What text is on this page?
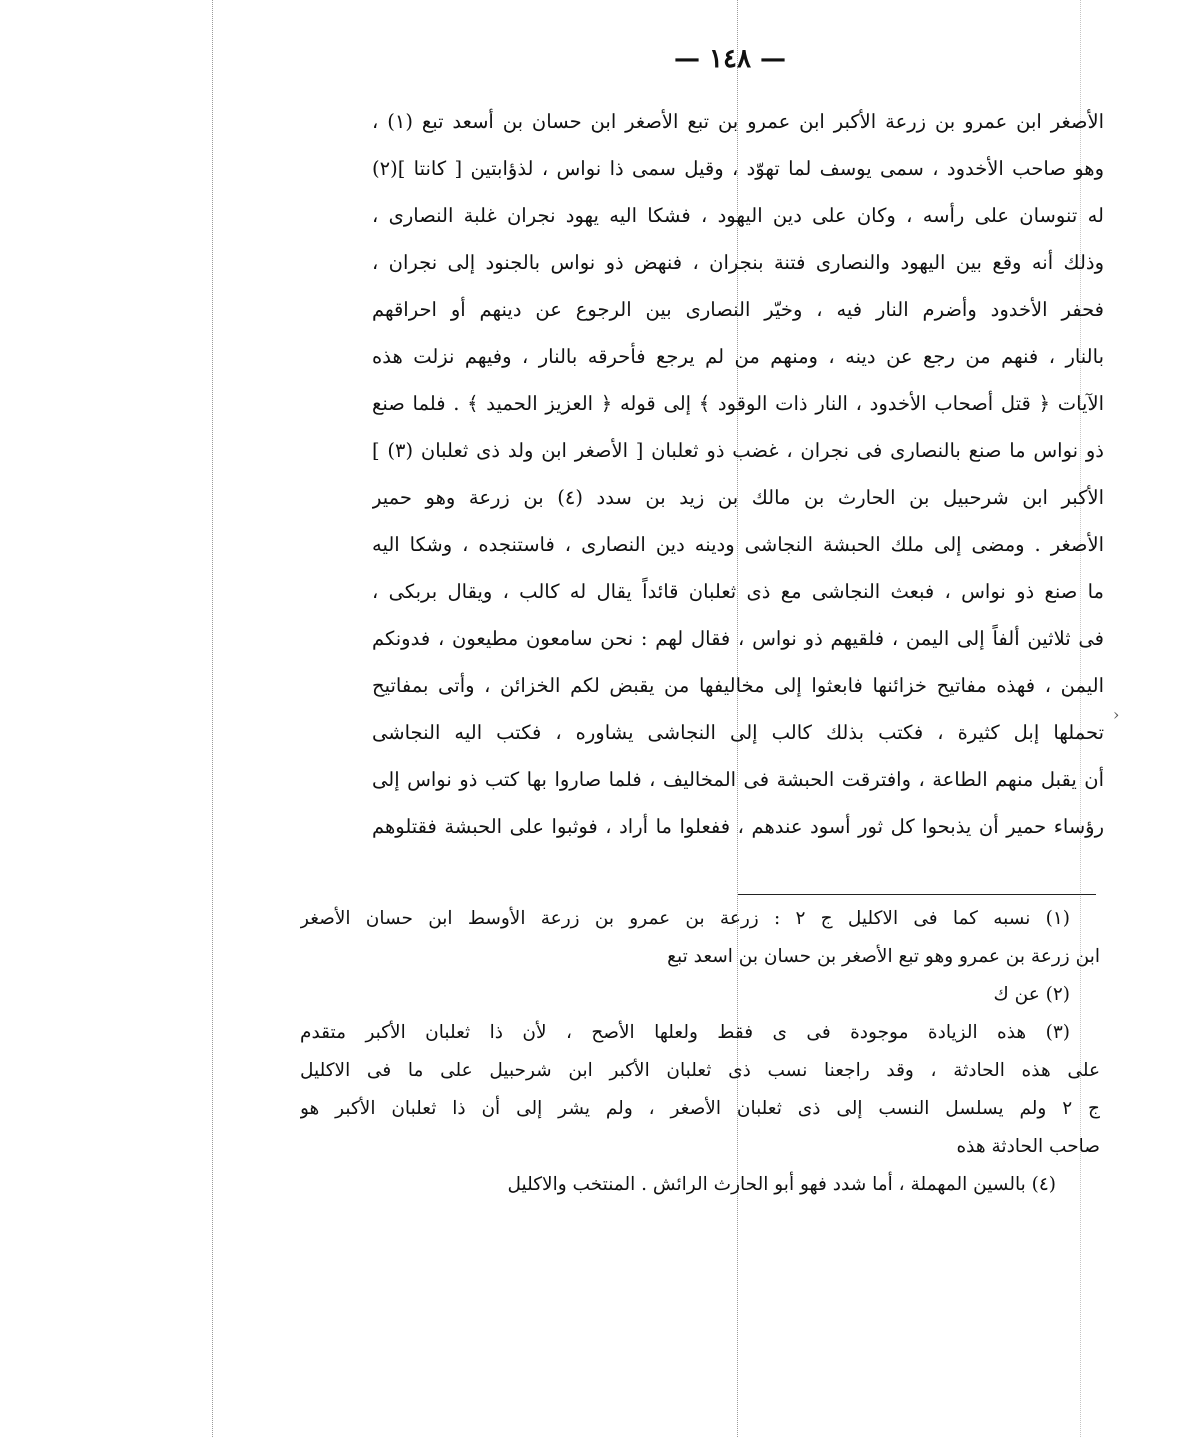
— ١٤٨ —
الأصغر ابن عمرو بن زرعة الأكبر ابن عمرو بن تبع الأصغر ابن حسان بن أسعد تبع (١) ،
وهو صاحب الأخدود ، سمى يوسف لما تهوّد ، وقيل سمى ذا نواس ، لذؤابتين [ كانتا ](٢)
له تنوسان على رأسه ، وكان على دين اليهود ، فشكا اليه يهود نجران غلبة النصارى ،
وذلك أنه وقع بين اليهود والنصارى فتنة بنجران ، فنهض ذو نواس بالجنود إلى نجران ،
فحفر الأخدود وأضرم النار فيه ، وخيّر النصارى بين الرجوع عن دينهم أو احراقهم
بالنار ، فنهم من رجع عن دينه ، ومنهم من لم يرجع فأحرقه بالنار ، وفيهم نزلت هذه
الآيات ﴿ قتل أصحاب الأخدود ، النار ذات الوقود ﴾ إلى قوله ﴿ العزيز الحميد ﴾ . فلما صنع
ذو نواس ما صنع بالنصارى فى نجران ، غضب ذو ثعلبان [ الأصغر ابن ولد ذى ثعلبان (٣) ]
الأكبر ابن شرحبيل بن الحارث بن مالك بن زيد بن سدد (٤) بن زرعة وهو حمير
الأصغر . ومضى إلى ملك الحبشة النجاشى ودينه دين النصارى ، فاستنجده ، وشكا اليه
ما صنع ذو نواس ، فبعث النجاشى مع ذى ثعلبان قائداً يقال له كالب ، ويقال بربكى ،
فى ثلاثين ألفاً إلى اليمن ، فلقيهم ذو نواس ، فقال لهم : نحن سامعون مطيعون ، فدونكم
اليمن ، فهذه مفاتيح خزائنها فابعثوا إلى مخاليفها من يقبض لكم الخزائن ، وأتى بمفاتيح
تحملها إبل كثيرة ، فكتب بذلك كالب إلى النجاشى يشاوره ، فكتب اليه النجاشى
أن يقبل منهم الطاعة ، وافترقت الحبشة فى المخاليف ، فلما صاروا بها كتب ذو نواس إلى
رؤساء حمير أن يذبحوا كل ثور أسود عندهم ، ففعلوا ما أراد ، فوثبوا على الحبشة فقتلوهم
(١) نسبه كما فى الاكليل ج ٢ : زرعة بن عمرو بن زرعة الأوسط ابن حسان الأصغر
ابن زرعة بن عمرو وهو تبع الأصغر بن حسان بن اسعد تبع
(٢) عن ك
(٣) هذه الزيادة موجودة فى ى فقط ولعلها الأصح ، لأن ذا ثعلبان الأكبر متقدم
على هذه الحادثة ، وقد راجعنا نسب ذى ثعلبان الأكبر ابن شرحبيل على ما فى الاكليل
ج ٢ ولم يسلسل النسب إلى ذى ثعلبان الأصغر ، ولم يشر إلى أن ذا ثعلبان الأكبر هو
صاحب الحادثة هذه
(٤) بالسين المهملة ، أما شدد فهو أبو الحارث الرائش . المنتخب والاكليل
›
